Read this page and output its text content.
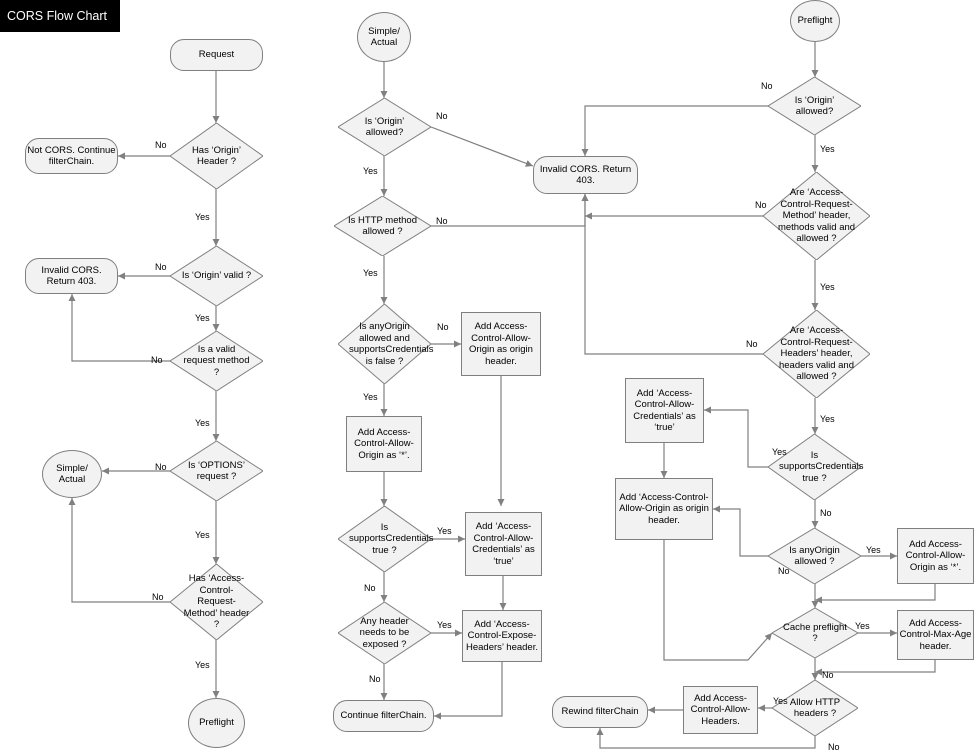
CORS Flow Chart
Request
Has ‘Origin’ Header ?
Not CORS. Continue filterChain.
Is ‘Origin’ valid ?
Invalid CORS. Return 403.
Is a valid request method ?
Is ‘OPTIONS’ request ?
Simple/ Actual
Has ‘Access-Control-Request-Method’ header ?
Preflight
Simple/ Actual
Is ‘Origin’ allowed?
Invalid CORS. Return 403.
Is HTTP method allowed ?
Is anyOrigin allowed and supportsCredentials is false ?
Add Access-Control-Allow-Origin as origin header.
Add Access-Control-Allow-Origin as ‘*’.
Is supportsCredentials true ?
Add ‘Access-Control-Allow-Credentials’ as ‘true’
Any header needs to be exposed ?
Add ‘Access-Control-Expose-Headers’ header.
Continue filterChain.
Preflight
Is ‘Origin’ allowed?
Are ‘Access-Control-Request-Method’ header, methods valid and allowed ?
Are ‘Access-Control-Request-Headers’ header, headers valid and allowed ?
Is supportsCredentials true ?
Add ‘Access-Control-Allow-Credentials’ as ‘true’
Add ‘Access-Control-Allow-Origin as origin header.
Is anyOrigin allowed ?
Add Access-Control-Allow-Origin as ‘*’.
Cache preflight ?
Add Access-Control-Max-Age header.
Allow HTTP headers ?
Add Access-Control-Allow-Headers.
Rewind filterChain
No
Yes
No
Yes
No
Yes
No
Yes
No
Yes
No
Yes
No
Yes
No
Yes
Yes
No
Yes
No
No
Yes
No
Yes
No
Yes
Yes
No
Yes
No
Yes
No
Yes
No
